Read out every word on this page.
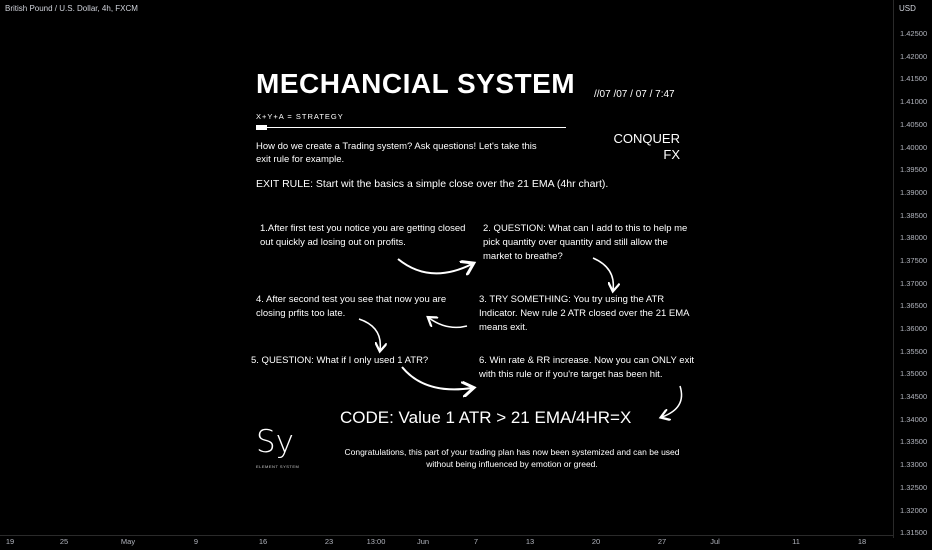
British Pound / U.S. Dollar, 4h, FXCM	USD
1.42500
1.42000
1.41500
1.41000
1.40500
1.40000
1.39500
1.39000
1.38500
1.38000
1.37500
1.37000
1.36500
1.36000
1.35500
1.35000
1.34500
1.34000
1.33500
1.33000
1.32500
1.32000
1.31500
19	25	May	9	16	23	13:00	Jun	7	13	20	27	Jul	11	18
MECHANCIAL SYSTEM //07 /07 / 07 / 7:47
X+Y+A = STRATEGY
How do we create a Trading system? Ask questions! Let's take this exit rule for example.
CONQUER
FX
EXIT RULE: Start wit the basics a simple close over the 21 EMA (4hr chart).
1.After first test you notice you are getting closed out quickly ad losing out on profits.
2. QUESTION: What can I add to this to help me pick quantity over quantity and still allow the market to breathe?
3. TRY SOMETHING: You try using the ATR Indicator. New rule 2 ATR closed over the 21 EMA means exit.
4. After second test you see that now you are closing prfits too late.
5. QUESTION: What if I only used 1 ATR?	6. Win rate & RR increase. Now you can ONLY exit with this rule or if you're target has been hit.
CODE: Value 1 ATR > 21 EMA/4HR=X
Congratulations, this part of your trading plan has now been systemized and can be used without being influenced by emotion or greed.
Sy
ELEMENT SYSTEM
